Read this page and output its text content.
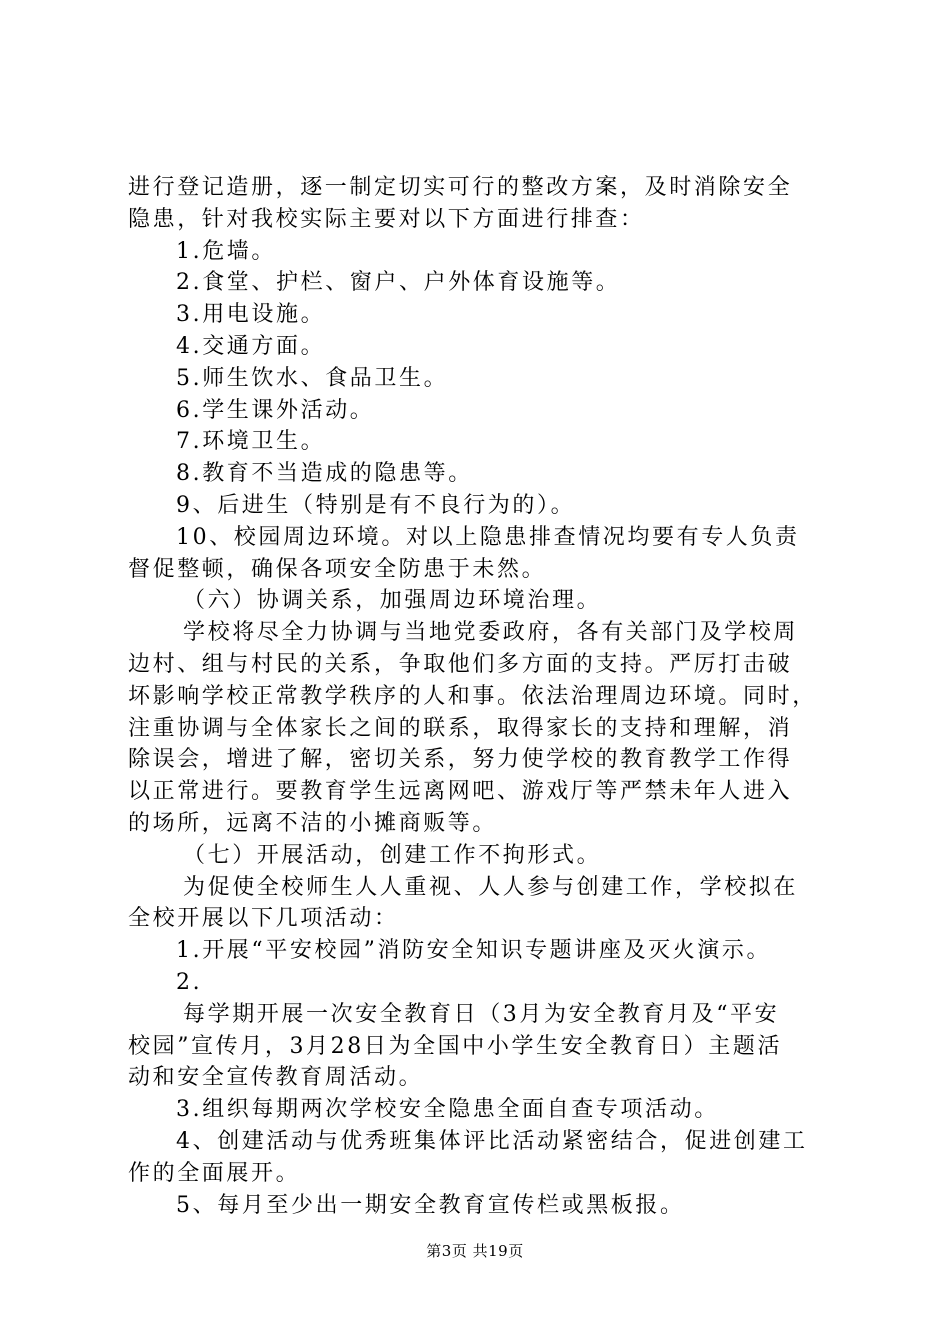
进行登记造册，逐一制定切实可行的整改方案，及时消除安全
隐患，针对我校实际主要对以下方面进行排查：
1.危墙。
2.食堂、护栏、窗户、户外体育设施等。
3.用电设施。
4.交通方面。
5.师生饮水、食品卫生。
6.学生课外活动。
7.环境卫生。
8.教育不当造成的隐患等。
9、后进生（特别是有不良行为的）。
10、校园周边环境。对以上隐患排查情况均要有专人负责
督促整顿，确保各项安全防患于未然。
（六）协调关系，加强周边环境治理。
学校将尽全力协调与当地党委政府，各有关部门及学校周
边村、组与村民的关系，争取他们多方面的支持。严厉打击破
坏影响学校正常教学秩序的人和事。依法治理周边环境。同时，
注重协调与全体家长之间的联系，取得家长的支持和理解，消
除误会，增进了解，密切关系，努力使学校的教育教学工作得
以正常进行。要教育学生远离网吧、游戏厅等严禁未年人进入
的场所，远离不洁的小摊商贩等。
（七）开展活动，创建工作不拘形式。
为促使全校师生人人重视、人人参与创建工作，学校拟在
全校开展以下几项活动：
1.开展“平安校园”消防安全知识专题讲座及灭火演示。
2.
每学期开展一次安全教育日（3月为安全教育月及“平安
校园”宣传月，3月28日为全国中小学生安全教育日）主题活
动和安全宣传教育周活动。
3.组织每期两次学校安全隐患全面自查专项活动。
4、创建活动与优秀班集体评比活动紧密结合，促进创建工
作的全面展开。
5、每月至少出一期安全教育宣传栏或黑板报。
第3页 共19页
